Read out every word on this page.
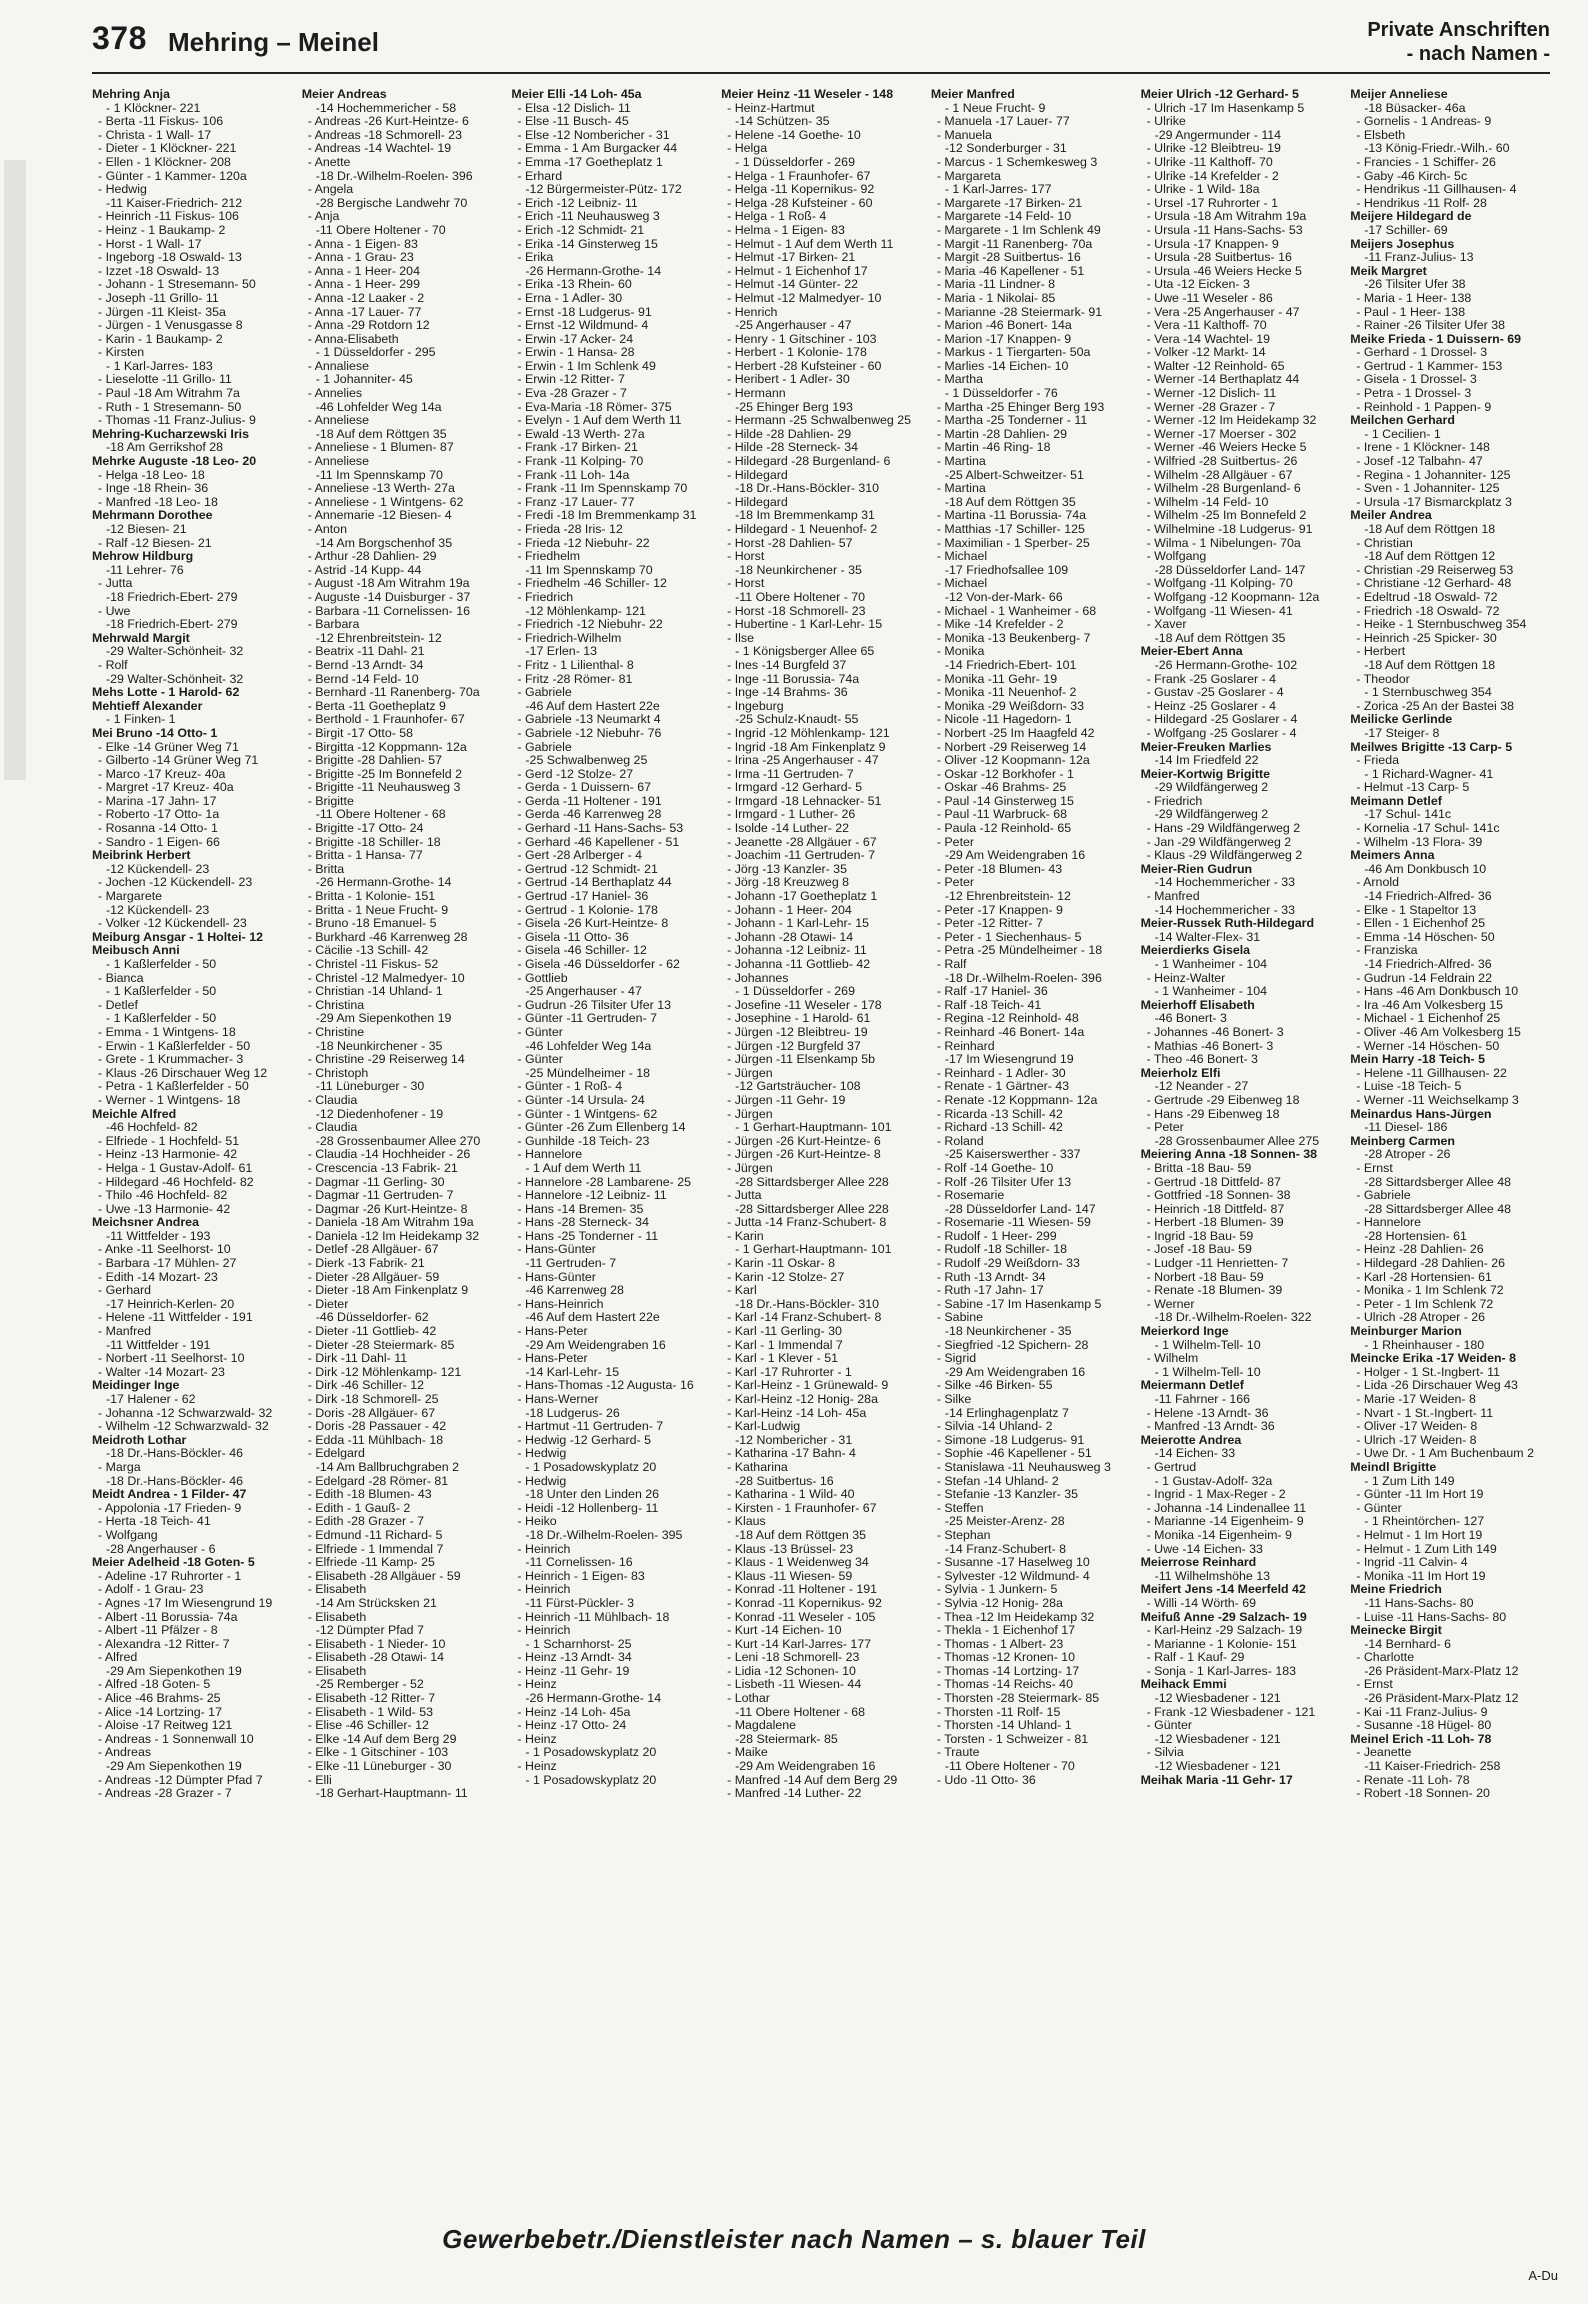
378 Mehring – Meinel	Private Anschriften
- nach Namen -
Mehring Anja
- 1 Klöckner- 221
- Berta -11 Fiskus- 106
- Christa - 1 Wall- 17
- Dieter - 1 Klöckner- 221
- Ellen - 1 Klöckner- 208
- Günter - 1 Kammer- 120a
- Hedwig
-11 Kaiser-Friedrich- 212
- Heinrich -11 Fiskus- 106
- Heinz - 1 Baukamp- 2
- Horst - 1 Wall- 17
- Ingeborg -18 Oswald- 13
- Izzet -18 Oswald- 13
- Johann - 1 Stresemann- 50
- Joseph -11 Grillo- 11
- Jürgen -11 Kleist- 35a
- Jürgen - 1 Venusgasse 8
- Karin - 1 Baukamp- 2
- Kirsten
- 1 Karl-Jarres- 183
- Lieselotte -11 Grillo- 11
- Paul -18 Am Witrahm 7a
- Ruth - 1 Stresemann- 50
- Thomas -11 Franz-Julius- 9
Mehring-Kucharzewski Iris
-18 Am Gerrikshof 28
Mehrke Auguste -18 Leo- 20
- Helga -18 Leo- 18
- Inge -18 Rhein- 36
- Manfred -18 Leo- 18
Mehrmann Dorothee
-12 Biesen- 21
- Ralf -12 Biesen- 21
Mehrow Hildburg
-11 Lehrer- 76
- Jutta
-18 Friedrich-Ebert- 279
- Uwe
-18 Friedrich-Ebert- 279
Mehrwald Margit
-29 Walter-Schönheit- 32
- Rolf
-29 Walter-Schönheit- 32
Mehs Lotte - 1 Harold- 62
Mehtieff Alexander
- 1 Finken- 1
Mei Bruno -14 Otto- 1
- Elke -14 Grüner Weg 71
- Gilberto -14 Grüner Weg 71
- Marco -17 Kreuz- 40a
- Margret -17 Kreuz- 40a
- Marina -17 Jahn- 17
- Roberto -17 Otto- 1a
- Rosanna -14 Otto- 1
- Sandro - 1 Eigen- 66
Meibrink Herbert
-12 Kückendell- 23
- Jochen -12 Kückendell- 23
- Margarete
-12 Kückendell- 23
- Volker -12 Kückendell- 23
Meiburg Ansgar - 1 Holtei- 12
Meibusch Anni
- 1 Kaßlerfelder - 50
- Bianca
- 1 Kaßlerfelder - 50
- Detlef
- 1 Kaßlerfelder - 50
- Emma - 1 Wintgens- 18
- Erwin - 1 Kaßlerfelder - 50
- Grete - 1 Krummacher- 3
- Klaus -26 Dirschauer Weg 12
- Petra - 1 Kaßlerfelder - 50
- Werner - 1 Wintgens- 18
Meichle Alfred
-46 Hochfeld- 82
- Elfriede - 1 Hochfeld- 51
- Heinz -13 Harmonie- 42
- Helga - 1 Gustav-Adolf- 61
- Hildegard -46 Hochfeld- 82
- Thilo -46 Hochfeld- 82
- Uwe -13 Harmonie- 42
Meichsner Andrea
-11 Wittfelder - 193
- Anke -11 Seelhorst- 10
- Barbara -17 Mühlen- 27
- Edith -14 Mozart- 23
- Gerhard
-17 Heinrich-Kerlen- 20
- Helene -11 Wittfelder - 191
- Manfred
-11 Wittfelder - 191
- Norbert -11 Seelhorst- 10
- Walter -14 Mozart- 23
Meidinger Inge
-17 Halener - 62
- Johanna -12 Schwarzwald- 32
- Wilhelm -12 Schwarzwald- 32
Meidroth Lothar
-18 Dr.-Hans-Böckler- 46
- Marga
-18 Dr.-Hans-Böckler- 46
Meidt Andrea - 1 Filder- 47
- Appolonia -17 Frieden- 9
- Herta -18 Teich- 41
- Wolfgang
-28 Angerhauser - 6
Meier Adelheid -18 Goten- 5
- Adeline -17 Ruhrorter - 1
- Adolf - 1 Grau- 23
- Agnes -17 Im Wiesengrund 19
- Albert -11 Borussia- 74a
- Albert -11 Pfälzer - 8
- Alexandra -12 Ritter- 7
- Alfred
-29 Am Siepenkothen 19
- Alfred -18 Goten- 5
- Alice -46 Brahms- 25
- Alice -14 Lortzing- 17
- Aloise -17 Reitweg 121
- Andreas - 1 Sonnenwall 10
- Andreas
-29 Am Siepenkothen 19
- Andreas -12 Dümpter Pfad 7
- Andreas -28 Grazer - 7
Meier Andreas
-14 Hochemmericher - 58
- Andreas -26 Kurt-Heintze- 6
- Andreas -18 Schmorell- 23
- Andreas -14 Wachtel- 19
- Anette
-18 Dr.-Wilhelm-Roelen- 396
- Angela
-28 Bergische Landwehr 70
- Anja
-11 Obere Holtener - 70
- Anna - 1 Eigen- 83
- Anna - 1 Grau- 23
- Anna - 1 Heer- 204
- Anna - 1 Heer- 299
- Anna -12 Laaker - 2
- Anna -17 Lauer- 77
- Anna -29 Rotdorn 12
- Anna-Elisabeth
- 1 Düsseldorfer - 295
- Annaliese
- 1 Johanniter- 45
- Annelies
-46 Lohfelder Weg 14a
- Anneliese
-18 Auf dem Röttgen 35
- Anneliese - 1 Blumen- 87
- Anneliese
-11 Im Spennskamp 70
- Anneliese -13 Werth- 27a
- Anneliese - 1 Wintgens- 62
- Annemarie -12 Biesen- 4
- Anton
-14 Am Borgschenhof 35
- Arthur -28 Dahlien- 29
- Astrid -14 Kupp- 44
- August -18 Am Witrahm 19a
- Auguste -14 Duisburger - 37
- Barbara -11 Cornelissen- 16
- Barbara
-12 Ehrenbreitstein- 12
- Beatrix -11 Dahl- 21
- Bernd -13 Arndt- 34
- Bernd -14 Feld- 10
- Bernhard -11 Ranenberg- 70a
- Berta -11 Goetheplatz 9
- Berthold - 1 Fraunhofer- 67
- Birgit -17 Otto- 58
- Birgitta -12 Koppmann- 12a
- Brigitte -28 Dahlien- 57
- Brigitte -25 Im Bonnefeld 2
- Brigitte -11 Neuhausweg 3
- Brigitte
-11 Obere Holtener - 68
- Brigitte -17 Otto- 24
- Brigitte -18 Schiller- 18
- Britta - 1 Hansa- 77
- Britta
-26 Hermann-Grothe- 14
- Britta - 1 Kolonie- 151
- Britta - 1 Neue Frucht- 9
- Bruno -18 Emanuel- 5
- Burkhard -46 Karrenweg 28
- Cäcilie -13 Schill- 42
- Christel -11 Fiskus- 52
- Christel -12 Malmedyer- 10
- Christian -14 Uhland- 1
- Christina
-29 Am Siepenkothen 19
- Christine
-18 Neunkirchener - 35
- Christine -29 Reiserweg 14
- Christoph
-11 Lüneburger - 30
- Claudia
-12 Diedenhofener - 19
- Claudia
-28 Grossenbaumer Allee 270
- Claudia -14 Hochheider - 26
- Crescencia -13 Fabrik- 21
- Dagmar -11 Gerling- 30
- Dagmar -11 Gertruden- 7
- Dagmar -26 Kurt-Heintze- 8
- Daniela -18 Am Witrahm 19a
- Daniela -12 Im Heidekamp 32
- Detlef -28 Allgäuer- 67
- Dierk -13 Fabrik- 21
- Dieter -28 Allgäuer- 59
- Dieter -18 Am Finkenplatz 9
- Dieter
-46 Düsseldorfer- 62
- Dieter -11 Gottlieb- 42
- Dieter -28 Steiermark- 85
- Dirk -11 Dahl- 11
- Dirk -12 Möhlenkamp- 121
- Dirk -46 Schiller- 12
- Dirk -18 Schmorell- 25
- Doris -28 Allgäuer- 67
- Doris -28 Passauer - 42
- Edda -11 Mühlbach- 18
- Edelgard
-14 Am Ballbruchgraben 2
- Edelgard -28 Römer- 81
- Edith -18 Blumen- 43
- Edith - 1 Gauß- 2
- Edith -28 Grazer - 7
- Edmund -11 Richard- 5
- Elfriede - 1 Immendal 7
- Elfriede -11 Kamp- 25
- Elisabeth -28 Allgäuer - 59
- Elisabeth
-14 Am Strücksken 21
- Elisabeth
-12 Dümpter Pfad 7
- Elisabeth - 1 Nieder- 10
- Elisabeth -28 Otawi- 14
- Elisabeth
-25 Remberger - 52
- Elisabeth -12 Ritter- 7
- Elisabeth - 1 Wild- 53
- Elise -46 Schiller- 12
- Elke -14 Auf dem Berg 29
- Elke - 1 Gitschiner - 103
- Elke -11 Lüneburger - 30
- Elli
-18 Gerhart-Hauptmann- 11
Meier Elli -14 Loh- 45a
- Elsa -12 Dislich- 11
- Else -11 Busch- 45
- Else -12 Nombericher - 31
- Emma - 1 Am Burgacker 44
- Emma -17 Goetheplatz 1
- Erhard
-12 Bürgermeister-Pütz- 172
- Erich -12 Leibniz- 11
- Erich -11 Neuhausweg 3
- Erich -12 Schmidt- 21
- Erika -14 Ginsterweg 15
- Erika
-26 Hermann-Grothe- 14
- Erika -13 Rhein- 60
- Erna - 1 Adler- 30
- Ernst -18 Ludgerus- 91
- Ernst -12 Wildmund- 4
- Erwin -17 Acker- 24
- Erwin - 1 Hansa- 28
- Erwin - 1 Im Schlenk 49
- Erwin -12 Ritter- 7
- Eva -28 Grazer - 7
- Eva-Maria -18 Römer- 375
- Evelyn - 1 Auf dem Werth 11
- Ewald -13 Werth- 27a
- Frank -17 Birken- 21
- Frank -11 Kolping- 70
- Frank -11 Loh- 14a
- Frank -11 Im Spennskamp 70
- Franz -17 Lauer- 77
- Fredi -18 Im Bremmenkamp 31
- Frieda -28 Iris- 12
- Frieda -12 Niebuhr- 22
- Friedhelm
-11 Im Spennskamp 70
- Friedhelm -46 Schiller- 12
- Friedrich
-12 Möhlenkamp- 121
- Friedrich -12 Niebuhr- 22
- Friedrich-Wilhelm
-17 Erlen- 13
- Fritz - 1 Lilienthal- 8
- Fritz -28 Römer- 81
- Gabriele
-46 Auf dem Hastert 22e
- Gabriele -13 Neumarkt 4
- Gabriele -12 Niebuhr- 76
- Gabriele
-25 Schwalbenweg 25
- Gerd -12 Stolze- 27
- Gerda - 1 Duissern- 67
- Gerda -11 Holtener - 191
- Gerda -46 Karrenweg 28
- Gerhard -11 Hans-Sachs- 53
- Gerhard -46 Kapellener - 51
- Gert -28 Arlberger - 4
- Gertrud -12 Schmidt- 21
- Gertrud -14 Berthaplatz 44
- Gertrud -17 Haniel- 36
- Gertrud - 1 Kolonie- 178
- Gisela -26 Kurt-Heintze- 8
- Gisela -11 Otto- 36
- Gisela -46 Schiller- 12
- Gisela -46 Düsseldorfer - 62
- Gottlieb
-25 Angerhauser - 47
- Gudrun -26 Tilsiter Ufer 13
- Günter -11 Gertruden- 7
- Günter
-46 Lohfelder Weg 14a
- Günter
-25 Mündelheimer - 18
- Günter - 1 Roß- 4
- Günter -14 Ursula- 24
- Günter - 1 Wintgens- 62
- Günter -26 Zum Ellenberg 14
- Gunhilde -18 Teich- 23
- Hannelore
- 1 Auf dem Werth 11
- Hannelore -28 Lambarene- 25
- Hannelore -12 Leibniz- 11
- Hans -14 Bremen- 35
- Hans -28 Sterneck- 34
- Hans -25 Tonderner - 11
- Hans-Günter
-11 Gertruden- 7
- Hans-Günter
-46 Karrenweg 28
- Hans-Heinrich
-46 Auf dem Hastert 22e
- Hans-Peter
-29 Am Weidengraben 16
- Hans-Peter
-14 Karl-Lehr- 15
- Hans-Thomas -12 Augusta- 16
- Hans-Werner
-18 Ludgerus- 26
- Hartmut -11 Gertruden- 7
- Hedwig -12 Gerhard- 5
- Hedwig
- 1 Posadowskyplatz 20
- Hedwig
-18 Unter den Linden 26
- Heidi -12 Hollenberg- 11
- Heiko
-18 Dr.-Wilhelm-Roelen- 395
- Heinrich
-11 Cornelissen- 16
- Heinrich - 1 Eigen- 83
- Heinrich
-11 Fürst-Pückler- 3
- Heinrich -11 Mühlbach- 18
- Heinrich
- 1 Scharnhorst- 25
- Heinz -13 Arndt- 34
- Heinz -11 Gehr- 19
- Heinz
-26 Hermann-Grothe- 14
- Heinz -14 Loh- 45a
- Heinz -17 Otto- 24
- Heinz
- 1 Posadowskyplatz 20
- Heinz
- 1 Posadowskyplatz 20
Meier Heinz -11 Weseler - 148
- Heinz-Hartmut
-14 Schützen- 35
- Helene -14 Goethe- 10
- Helga
- 1 Düsseldorfer - 269
- Helga - 1 Fraunhofer- 67
- Helga -11 Kopernikus- 92
- Helga -28 Kufsteiner - 60
- Helga - 1 Roß- 4
- Helma - 1 Eigen- 83
- Helmut - 1 Auf dem Werth 11
- Helmut -17 Birken- 21
- Helmut - 1 Eichenhof 17
- Helmut -14 Günter- 22
- Helmut -12 Malmedyer- 10
- Henrich
-25 Angerhauser - 47
- Henry - 1 Gitschiner - 103
- Herbert - 1 Kolonie- 178
- Herbert -28 Kufsteiner - 60
- Heribert - 1 Adler- 30
- Hermann
-25 Ehinger Berg 193
- Hermann -25 Schwalbenweg 25
- Hilde -28 Dahlien- 29
- Hilde -28 Sterneck- 34
- Hildegard -28 Burgenland- 6
- Hildegard
-18 Dr.-Hans-Böckler- 310
- Hildegard
-18 Im Bremmenkamp 31
- Hildegard - 1 Neuenhof- 2
- Horst -28 Dahlien- 57
- Horst
-18 Neunkirchener - 35
- Horst
-11 Obere Holtener - 70
- Horst -18 Schmorell- 23
- Hubertine - 1 Karl-Lehr- 15
- Ilse
- 1 Königsberger Allee 65
- Ines -14 Burgfeld 37
- Inge -11 Borussia- 74a
- Inge -14 Brahms- 36
- Ingeburg
-25 Schulz-Knaudt- 55
- Ingrid -12 Möhlenkamp- 121
- Ingrid -18 Am Finkenplatz 9
- Irina -25 Angerhauser - 47
- Irma -11 Gertruden- 7
- Irmgard -12 Gerhard- 5
- Irmgard -18 Lehnacker- 51
- Irmgard - 1 Luther- 26
- Isolde -14 Luther- 22
- Jeanette -28 Allgäuer - 67
- Joachim -11 Gertruden- 7
- Jörg -13 Kanzler- 35
- Jörg -18 Kreuzweg 8
- Johann -17 Goetheplatz 1
- Johann - 1 Heer- 204
- Johann - 1 Karl-Lehr- 15
- Johann -28 Otawi- 14
- Johanna -12 Leibniz- 11
- Johanna -11 Gottlieb- 42
- Johannes
- 1 Düsseldorfer - 269
- Josefine -11 Weseler - 178
- Josephine - 1 Harold- 61
- Jürgen -12 Bleibtreu- 19
- Jürgen -12 Burgfeld 37
- Jürgen -11 Elsenkamp 5b
- Jürgen
-12 Gartsträucher- 108
- Jürgen -11 Gehr- 19
- Jürgen
- 1 Gerhart-Hauptmann- 101
- Jürgen -26 Kurt-Heintze- 6
- Jürgen -26 Kurt-Heintze- 8
- Jürgen
-28 Sittardsberger Allee 228
- Jutta
-28 Sittardsberger Allee 228
- Jutta -14 Franz-Schubert- 8
- Karin
- 1 Gerhart-Hauptmann- 101
- Karin -11 Oskar- 8
- Karin -12 Stolze- 27
- Karl
-18 Dr.-Hans-Böckler- 310
- Karl -14 Franz-Schubert- 8
- Karl -11 Gerling- 30
- Karl - 1 Immendal 7
- Karl - 1 Klever - 51
- Karl -17 Ruhrorter - 1
- Karl-Heinz - 1 Grünewald- 9
- Karl-Heinz -12 Honig- 28a
- Karl-Heinz -14 Loh- 45a
- Karl-Ludwig
-12 Nombericher - 31
- Katharina -17 Bahn- 4
- Katharina
-28 Suitbertus- 16
- Katharina - 1 Wild- 40
- Kirsten - 1 Fraunhofer- 67
- Klaus
-18 Auf dem Röttgen 35
- Klaus -13 Brüssel- 23
- Klaus - 1 Weidenweg 34
- Klaus -11 Wiesen- 59
- Konrad -11 Holtener - 191
- Konrad -11 Kopernikus- 92
- Konrad -11 Weseler - 105
- Kurt -14 Eichen- 10
- Kurt -14 Karl-Jarres- 177
- Leni -18 Schmorell- 23
- Lidia -12 Schonen- 10
- Lisbeth -11 Wiesen- 44
- Lothar
-11 Obere Holtener - 68
- Magdalene
-28 Steiermark- 85
- Maike
-29 Am Weidengraben 16
- Manfred -14 Auf dem Berg 29
- Manfred -14 Luther- 22
Meier Manfred
- 1 Neue Frucht- 9
- Manuela -17 Lauer- 77
- Manuela
-12 Sonderburger - 31
- Marcus - 1 Schemkesweg 3
- Margareta
- 1 Karl-Jarres- 177
- Margarete -17 Birken- 21
- Margarete -14 Feld- 10
- Margarete - 1 Im Schlenk 49
- Margit -11 Ranenberg- 70a
- Margit -28 Suitbertus- 16
- Maria -46 Kapellener - 51
- Maria -11 Lindner- 8
- Maria - 1 Nikolai- 85
- Marianne -28 Steiermark- 91
- Marion -46 Bonert- 14a
- Marion -17 Knappen- 9
- Markus - 1 Tiergarten- 50a
- Marlies -14 Eichen- 10
- Martha
- 1 Düsseldorfer - 76
- Martha -25 Ehinger Berg 193
- Martha -25 Tonderner - 11
- Martin -28 Dahlien- 29
- Martin -46 Ring- 18
- Martina
-25 Albert-Schweitzer- 51
- Martina
-18 Auf dem Röttgen 35
- Martina -11 Borussia- 74a
- Matthias -17 Schiller- 125
- Maximilian - 1 Sperber- 25
- Michael
-17 Friedhofsallee 109
- Michael
-12 Von-der-Mark- 66
- Michael - 1 Wanheimer - 68
- Mike -14 Krefelder - 2
- Monika -13 Beukenberg- 7
- Monika
-14 Friedrich-Ebert- 101
- Monika -11 Gehr- 19
- Monika -11 Neuenhof- 2
- Monika -29 Weißdorn- 33
- Nicole -11 Hagedorn- 1
- Norbert -25 Im Haagfeld 42
- Norbert -29 Reiserweg 14
- Oliver -12 Koopmann- 12a
- Oskar -12 Borkhofer - 1
- Oskar -46 Brahms- 25
- Paul -14 Ginsterweg 15
- Paul -11 Warbruck- 68
- Paula -12 Reinhold- 65
- Peter
-29 Am Weidengraben 16
- Peter -18 Blumen- 43
- Peter
-12 Ehrenbreitstein- 12
- Peter -17 Knappen- 9
- Peter -12 Ritter- 7
- Peter - 1 Siechenhaus- 5
- Petra -25 Mündelheimer - 18
- Ralf
-18 Dr.-Wilhelm-Roelen- 396
- Ralf -17 Haniel- 36
- Ralf -18 Teich- 41
- Regina -12 Reinhold- 48
- Reinhard -46 Bonert- 14a
- Reinhard
-17 Im Wiesengrund 19
- Reinhard - 1 Adler- 30
- Renate - 1 Gärtner- 43
- Renate -12 Koppmann- 12a
- Ricarda -13 Schill- 42
- Richard -13 Schill- 42
- Roland
-25 Kaiserswerther - 337
- Rolf -14 Goethe- 10
- Rolf -26 Tilsiter Ufer 13
- Rosemarie
-28 Düsseldorfer Land- 147
- Rosemarie -11 Wiesen- 59
- Rudolf - 1 Heer- 299
- Rudolf -18 Schiller- 18
- Rudolf -29 Weißdorn- 33
- Ruth -13 Arndt- 34
- Ruth -17 Jahn- 17
- Sabine -17 Im Hasenkamp 5
- Sabine
-18 Neunkirchener - 35
- Siegfried -12 Spichern- 28
- Sigrid
-29 Am Weidengraben 16
- Silke -46 Birken- 55
- Silke
-14 Erlinghagenplatz 7
- Silvia -14 Uhland- 2
- Simone -18 Ludgerus- 91
- Sophie -46 Kapellener - 51
- Stanislawa -11 Neuhausweg 3
- Stefan -14 Uhland- 2
- Stefanie -13 Kanzler- 35
- Steffen
-25 Meister-Arenz- 28
- Stephan
-14 Franz-Schubert- 8
- Susanne -17 Haselweg 10
- Sylvester -12 Wildmund- 4
- Sylvia - 1 Junkern- 5
- Sylvia -12 Honig- 28a
- Thea -12 Im Heidekamp 32
- Thekla - 1 Eichenhof 17
- Thomas - 1 Albert- 23
- Thomas -12 Kronen- 10
- Thomas -14 Lortzing- 17
- Thomas -14 Reichs- 40
- Thorsten -28 Steiermark- 85
- Thorsten -11 Rolf- 15
- Thorsten -14 Uhland- 1
- Torsten - 1 Schweizer - 81
- Traute
-11 Obere Holtener - 70
- Udo -11 Otto- 36
Meier Ulrich -12 Gerhard- 5
- Ulrich -17 Im Hasenkamp 5
- Ulrike
-29 Angermunder - 114
- Ulrike -12 Bleibtreu- 19
- Ulrike -11 Kalthoff- 70
- Ulrike -14 Krefelder - 2
- Ulrike - 1 Wild- 18a
- Ursel -17 Ruhrorter - 1
- Ursula -18 Am Witrahm 19a
- Ursula -11 Hans-Sachs- 53
- Ursula -17 Knappen- 9
- Ursula -28 Suitbertus- 16
- Ursula -46 Weiers Hecke 5
- Uta -12 Eicken- 3
- Uwe -11 Weseler - 86
- Vera -25 Angerhauser - 47
- Vera -11 Kalthoff- 70
- Vera -14 Wachtel- 19
- Volker -12 Markt- 14
- Walter -12 Reinhold- 65
- Werner -14 Berthaplatz 44
- Werner -12 Dislich- 11
- Werner -28 Grazer - 7
- Werner -12 Im Heidekamp 32
- Werner -17 Moerser - 302
- Werner -46 Weiers Hecke 5
- Wilfried -28 Suitbertus- 26
- Wilhelm -28 Allgäuer - 67
- Wilhelm -28 Burgenland- 6
- Wilhelm -14 Feld- 10
- Wilhelm -25 Im Bonnefeld 2
- Wilhelmine -18 Ludgerus- 91
- Wilma - 1 Nibelungen- 70a
- Wolfgang
-28 Düsseldorfer Land- 147
- Wolfgang -11 Kolping- 70
- Wolfgang -12 Koopmann- 12a
- Wolfgang -11 Wiesen- 41
- Xaver
-18 Auf dem Röttgen 35
Meier-Ebert Anna
-26 Hermann-Grothe- 102
- Frank -25 Goslarer - 4
- Gustav -25 Goslarer - 4
- Heinz -25 Goslarer - 4
- Hildegard -25 Goslarer - 4
- Wolfgang -25 Goslarer - 4
Meier-Freuken Marlies
-14 Im Friedfeld 22
Meier-Kortwig Brigitte
-29 Wildfängerweg 2
- Friedrich
-29 Wildfängerweg 2
- Hans -29 Wildfängerweg 2
- Jan -29 Wildfängerweg 2
- Klaus -29 Wildfängerweg 2
Meier-Rien Gudrun
-14 Hochemmericher - 33
- Manfred
-14 Hochemmericher - 33
Meier-Russek Ruth-Hildegard
-14 Walter-Flex- 31
Meierdierks Gisela
- 1 Wanheimer - 104
- Heinz-Walter
- 1 Wanheimer - 104
Meierhoff Elisabeth
-46 Bonert- 3
- Johannes -46 Bonert- 3
- Mathias -46 Bonert- 3
- Theo -46 Bonert- 3
Meierholz Elfi
-12 Neander - 27
- Gertrude -29 Eibenweg 18
- Hans -29 Eibenweg 18
- Peter
-28 Grossenbaumer Allee 275
Meiering Anna -18 Sonnen- 38
- Britta -18 Bau- 59
- Gertrud -18 Dittfeld- 87
- Gottfried -18 Sonnen- 38
- Heinrich -18 Dittfeld- 87
- Herbert -18 Blumen- 39
- Ingrid -18 Bau- 59
- Josef -18 Bau- 59
- Ludger -11 Henrietten- 7
- Norbert -18 Bau- 59
- Renate -18 Blumen- 39
- Werner
-18 Dr.-Wilhelm-Roelen- 322
Meierkord Inge
- 1 Wilhelm-Tell- 10
- Wilhelm
- 1 Wilhelm-Tell- 10
Meiermann Detlef
-11 Fahrner - 166
- Helene -13 Arndt- 36
- Manfred -13 Arndt- 36
Meierotte Andrea
-14 Eichen- 33
- Gertrud
- 1 Gustav-Adolf- 32a
- Ingrid - 1 Max-Reger - 2
- Johanna -14 Lindenallee 11
- Marianne -14 Eigenheim- 9
- Monika -14 Eigenheim- 9
- Uwe -14 Eichen- 33
Meierrose Reinhard
-11 Wilhelmshöhe 13
Meifert Jens -14 Meerfeld 42
- Willi -14 Wörth- 69
Meifuß Anne -29 Salzach- 19
- Karl-Heinz -29 Salzach- 19
- Marianne - 1 Kolonie- 151
- Ralf - 1 Kauf- 29
- Sonja - 1 Karl-Jarres- 183
Meihack Emmi
-12 Wiesbadener - 121
- Frank -12 Wiesbadener - 121
- Günter
-12 Wiesbadener - 121
- Silvia
-12 Wiesbadener - 121
Meihak Maria -11 Gehr- 17
Meijer Anneliese
-18 Büsacker- 46a
- Gornelis - 1 Andreas- 9
- Elsbeth
-13 König-Friedr.-Wilh.- 60
- Francies - 1 Schiffer- 26
- Gaby -46 Kirch- 5c
- Hendrikus -11 Gillhausen- 4
- Hendrikus -11 Rolf- 28
Meijere Hildegard de
-17 Schiller- 69
Meijers Josephus
-11 Franz-Julius- 13
Meik Margret
-26 Tilsiter Ufer 38
- Maria - 1 Heer- 138
- Paul - 1 Heer- 138
- Rainer -26 Tilsiter Ufer 38
Meike Frieda - 1 Duissern- 69
- Gerhard - 1 Drossel- 3
- Gertrud - 1 Kammer- 153
- Gisela - 1 Drossel- 3
- Petra - 1 Drossel- 3
- Reinhold - 1 Pappen- 9
Meilchen Gerhard
- 1 Cecilien- 1
- Irene - 1 Klöckner- 148
- Josef -12 Talbahn- 47
- Regina - 1 Johanniter- 125
- Sven - 1 Johanniter- 125
- Ursula -17 Bismarckplatz 3
Meiler Andrea
-18 Auf dem Röttgen 18
- Christian
-18 Auf dem Röttgen 12
- Christian -29 Reiserweg 53
- Christiane -12 Gerhard- 48
- Edeltrud -18 Oswald- 72
- Friedrich -18 Oswald- 72
- Heike - 1 Sternbuschweg 354
- Heinrich -25 Spicker- 30
- Herbert
-18 Auf dem Röttgen 18
- Theodor
- 1 Sternbuschweg 354
- Zorica -25 An der Bastei 38
Meilicke Gerlinde
-17 Steiger- 8
Meilwes Brigitte -13 Carp- 5
- Frieda
- 1 Richard-Wagner- 41
- Helmut -13 Carp- 5
Meimann Detlef
-17 Schul- 141c
- Kornelia -17 Schul- 141c
- Wilhelm -13 Flora- 39
Meimers Anna
-46 Am Donkbusch 10
- Arnold
-14 Friedrich-Alfred- 36
- Elke - 1 Stapeltor 13
- Ellen - 1 Eichenhof 25
- Emma -14 Höschen- 50
- Franziska
-14 Friedrich-Alfred- 36
- Gudrun -14 Feldrain 22
- Hans -46 Am Donkbusch 10
- Ira -46 Am Volkesberg 15
- Michael - 1 Eichenhof 25
- Oliver -46 Am Volkesberg 15
- Werner -14 Höschen- 50
Mein Harry -18 Teich- 5
- Helene -11 Gillhausen- 22
- Luise -18 Teich- 5
- Werner -11 Weichselkamp 3
Meinardus Hans-Jürgen
-11 Diesel- 186
Meinberg Carmen
-28 Atroper - 26
- Ernst
-28 Sittardsberger Allee 48
- Gabriele
-28 Sittardsberger Allee 48
- Hannelore
-28 Hortensien- 61
- Heinz -28 Dahlien- 26
- Hildegard -28 Dahlien- 26
- Karl -28 Hortensien- 61
- Monika - 1 Im Schlenk 72
- Peter - 1 Im Schlenk 72
- Ulrich -28 Atroper - 26
Meinburger Marion
- 1 Rheinhauser - 180
Meincke Erika -17 Weiden- 8
- Holger - 1 St.-Ingbert- 11
- Lida -26 Dirschauer Weg 43
- Marie -17 Weiden- 8
- Nvart - 1 St.-Ingbert- 11
- Oliver -17 Weiden- 8
- Ulrich -17 Weiden- 8
- Uwe Dr. - 1 Am Buchenbaum 2
Meindl Brigitte
- 1 Zum Lith 149
- Günter -11 Im Hort 19
- Günter
- 1 Rheintörchen- 127
- Helmut - 1 Im Hort 19
- Helmut - 1 Zum Lith 149
- Ingrid -11 Calvin- 4
- Monika -11 Im Hort 19
Meine Friedrich
-11 Hans-Sachs- 80
- Luise -11 Hans-Sachs- 80
Meinecke Birgit
-14 Bernhard- 6
- Charlotte
-26 Präsident-Marx-Platz 12
- Ernst
-26 Präsident-Marx-Platz 12
- Kai -11 Franz-Julius- 9
- Susanne -18 Hügel- 80
Meinel Erich -11 Loh- 78
- Jeanette
-11 Kaiser-Friedrich- 258
- Renate -11 Loh- 78
- Robert -18 Sonnen- 20
Gewerbebetr./Dienstleister nach Namen – s. blauer Teil
A-Du
